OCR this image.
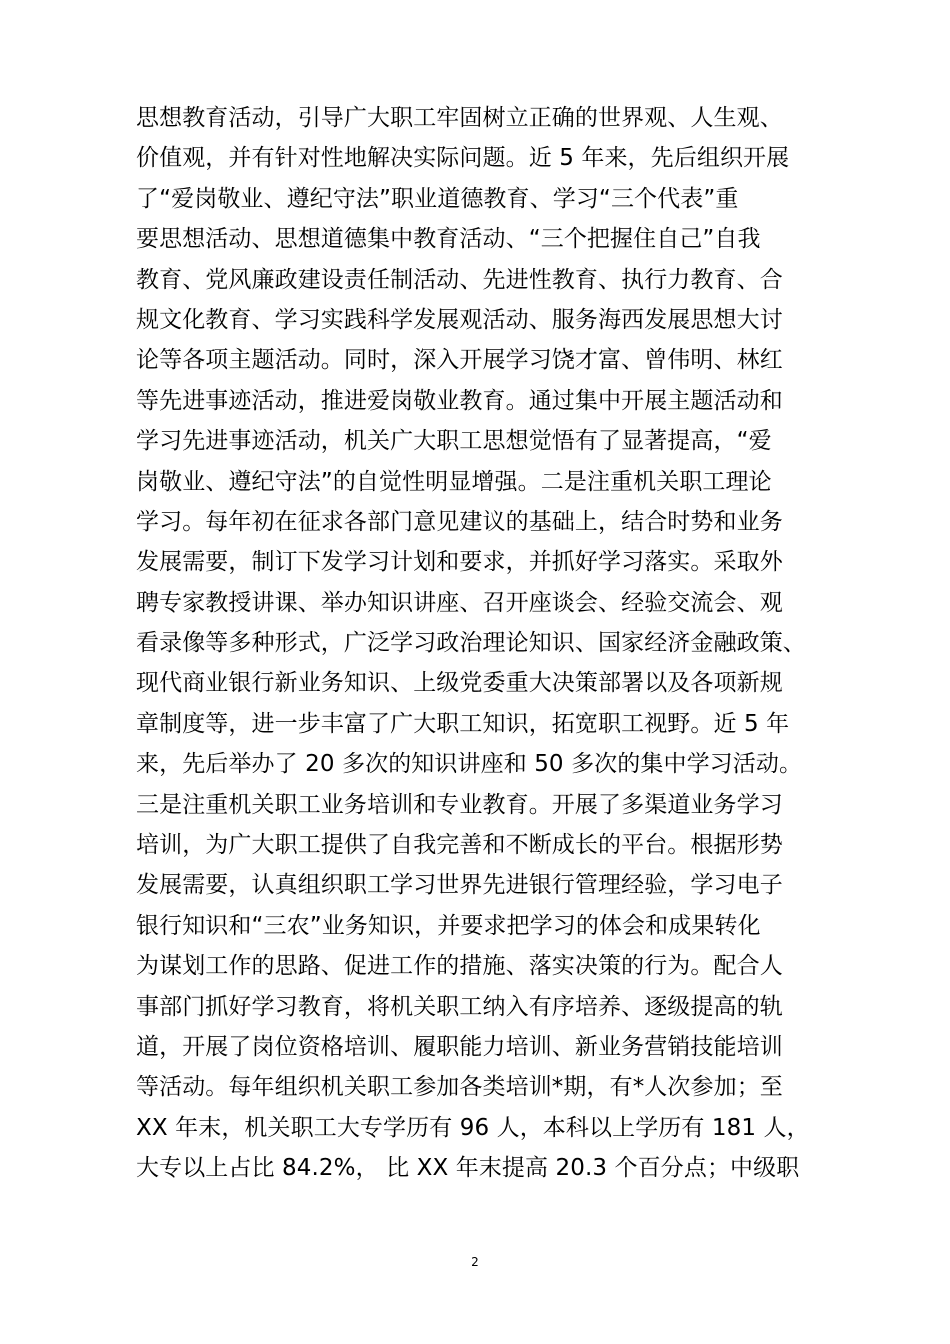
思想教育活动，引导广大职工牢固树立正确的世界观、人生观、
价值观，并有针对性地解决实际问题。近 5 年来，先后组织开展
了“爱岗敬业、遵纪守法”职业道德教育、学习“三个代表”重
要思想活动、思想道德集中教育活动、“三个把握住自己”自我
教育、党风廉政建设责任制活动、先进性教育、执行力教育、合
规文化教育、学习实践科学发展观活动、服务海西发展思想大讨
论等各项主题活动。同时，深入开展学习饶才富、曾伟明、林红
等先进事迹活动，推进爱岗敬业教育。通过集中开展主题活动和
学习先进事迹活动，机关广大职工思想觉悟有了显著提高，“爱
岗敬业、遵纪守法”的自觉性明显增强。二是注重机关职工理论
学习。每年初在征求各部门意见建议的基础上，结合时势和业务
发展需要，制订下发学习计划和要求，并抓好学习落实。采取外
聘专家教授讲课、举办知识讲座、召开座谈会、经验交流会、观
看录像等多种形式，广泛学习政治理论知识、国家经济金融政策、
现代商业银行新业务知识、上级党委重大决策部署以及各项新规
章制度等，进一步丰富了广大职工知识，拓宽职工视野。近 5 年
来，先后举办了 20 多次的知识讲座和 50 多次的集中学习活动。
三是注重机关职工业务培训和专业教育。开展了多渠道业务学习
培训，为广大职工提供了自我完善和不断成长的平台。根据形势
发展需要，认真组织职工学习世界先进银行管理经验，学习电子
银行知识和“三农”业务知识，并要求把学习的体会和成果转化
为谋划工作的思路、促进工作的措施、落实决策的行为。配合人
事部门抓好学习教育，将机关职工纳入有序培养、逐级提高的轨
道，开展了岗位资格培训、履职能力培训、新业务营销技能培训
等活动。每年组织机关职工参加各类培训*期，有*人次参加；至
XX 年末，机关职工大专学历有 96 人，本科以上学历有 181 人，
大专以上占比 84.2%， 比 XX 年末提高 20.3 个百分点；中级职
2
